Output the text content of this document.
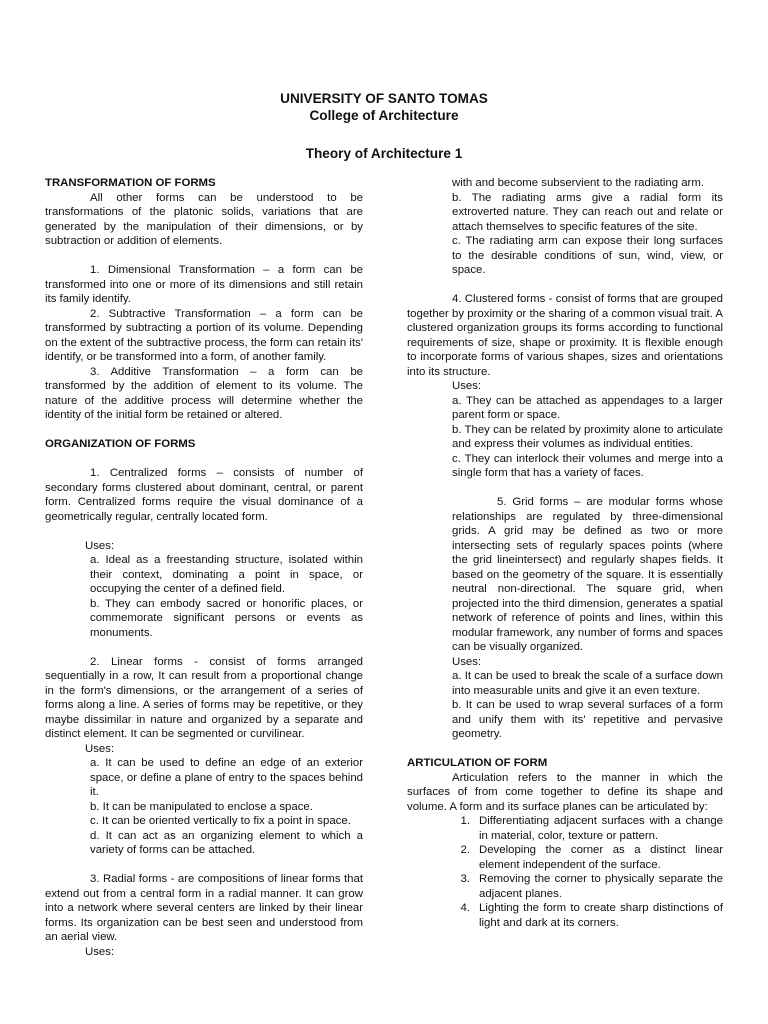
UNIVERSITY OF SANTO TOMAS
College of Architecture
Theory of Architecture 1

TRANSFORMATION OF FORMS

All other forms can be understood to be transformations of the platonic solids, variations that are generated by the manipulation of their dimensions, or by subtraction or addition of elements.

1. Dimensional Transformation – a form can be transformed into one or more of its dimensions and still retain its family identify.

2. Subtractive Transformation – a form can be transformed by subtracting a portion of its volume. Depending on the extent of the subtractive process, the form can retain its' identify, or be transformed into a form, of another family.

3. Additive Transformation – a form can be transformed by the addition of element to its volume. The nature of the additive process will determine whether the identity of the initial form be retained or altered.

ORGANIZATION OF FORMS

1. Centralized forms – consists of number of secondary forms clustered about dominant, central, or parent form. Centralized forms require the visual dominance of a geometrically regular, centrally located form.

Uses:

a. Ideal as a freestanding structure, isolated within their context, dominating a point in space, or occupying the center of a defined field.

b. They can embody sacred or honorific places, or commemorate significant persons or events as monuments.

2. Linear forms - consist of forms arranged sequentially in a row, It can result from a proportional change in the form's dimensions, or the arrangement of a series of forms along a line. A series of forms may be repetitive, or they maybe dissimilar in nature and organized by a separate and distinct element. It can be segmented or curvilinear.

Uses:

a. It can be used to define an edge of an exterior space, or define a plane of entry to the spaces behind it.

b. It can be manipulated to enclose a space.

c. It can be oriented vertically to fix a point in space.

d. It can act as an organizing element to which a variety of forms can be attached.

3. Radial forms - are compositions of linear forms that extend out from a central form in a radial manner. It can grow into a network where several centers are linked by their linear forms. Its organization can be best seen and understood from an aerial view.

Uses:

with and become subservient to the radiating arm.

b. The radiating arms give a radial form its extroverted nature. They can reach out and relate or attach themselves to specific features of the site.

c. The radiating arm can expose their long surfaces to the desirable conditions of sun, wind, view, or space.

4. Clustered forms - consist of forms that are grouped together by proximity or the sharing of a common visual trait. A clustered organization groups its forms according to functional requirements of size, shape or proximity. It is flexible enough to incorporate forms of various shapes, sizes and orientations into its structure.

Uses:

a. They can be attached as appendages to a larger parent form or space.

b. They can be related by proximity alone to articulate and express their volumes as individual entities.

c. They can interlock their volumes and merge into a single form that has a variety of faces.

5. Grid forms – are modular forms whose relationships are regulated by three-dimensional grids. A grid may be defined as two or more intersecting sets of regularly spaces points (where the grid lineintersect) and regularly shapes fields. It based on the geometry of the square. It is essentially neutral non-directional. The square grid, when projected into the third dimension, generates a spatial network of reference of points and lines, within this modular framework, any number of forms and spaces can be visually organized.

Uses:

a. It can be used to break the scale of a surface down into measurable units and give it an even texture.

b. It can be used to wrap several surfaces of a form and unify them with its' repetitive and pervasive geometry.

ARTICULATION OF FORM

Articulation refers to the manner in which the surfaces of from come together to define its shape and volume. A form and its surface planes can be articulated by:

1. Differentiating adjacent surfaces with a change in material, color, texture or pattern.
2. Developing the corner as a distinct linear element independent of the surface.
3. Removing the corner to physically separate the adjacent planes.
4. Lighting the form to create sharp distinctions of light and dark at its corners.
